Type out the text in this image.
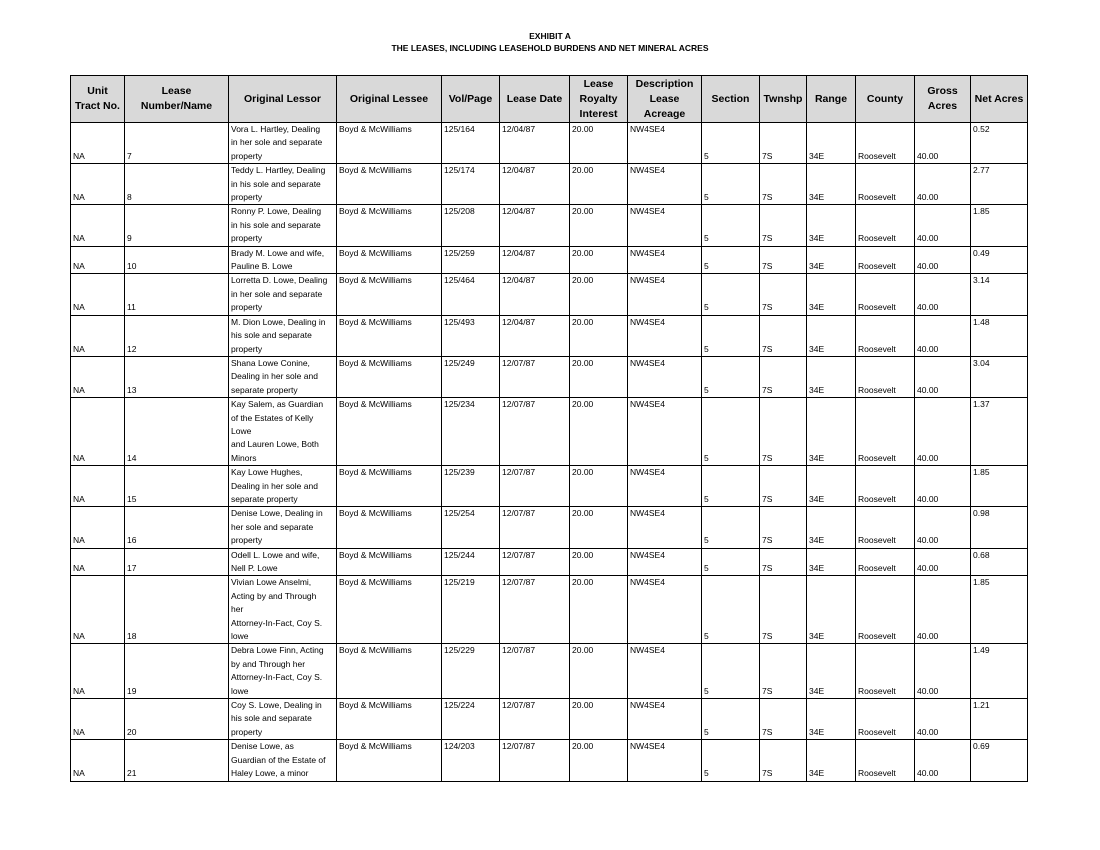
EXHIBIT A
THE LEASES, INCLUDING LEASEHOLD BURDENS AND NET MINERAL ACRES
Unit
Tract No.	Lease
Number/Name	Original Lessor	Original Lessee	Vol/Page	Lease Date	Lease
Royalty
Interest	Description
Lease Acreage	Section	Twnshp	Range	County	Gross
Acres	Net Acres

NA	7	Vora L. Hartley, Dealing
in her sole and separate
property	Boyd & McWilliams	125/164	12/04/87	20.00	NW4SE4	5	7S	34E	Roosevelt	40.00	0.52

NA	8	Teddy L. Hartley, Dealing
in his sole and separate
property	Boyd & McWilliams	125/174	12/04/87	20.00	NW4SE4	5	7S	34E	Roosevelt	40.00	2.77

NA	9	Ronny P. Lowe, Dealing
in his sole and separate
property	Boyd & McWilliams	125/208	12/04/87	20.00	NW4SE4	5	7S	34E	Roosevelt	40.00	1.85

NA	10	Brady M. Lowe and wife,
Pauline B. Lowe	Boyd & McWilliams	125/259	12/04/87	20.00	NW4SE4	5	7S	34E	Roosevelt	40.00	0.49

NA	11	Lorretta D. Lowe, Dealing
in her sole and separate
property	Boyd & McWilliams	125/464	12/04/87	20.00	NW4SE4	5	7S	34E	Roosevelt	40.00	3.14

NA	12	M. Dion Lowe, Dealing in
his sole and separate
property	Boyd & McWilliams	125/493	12/04/87	20.00	NW4SE4	5	7S	34E	Roosevelt	40.00	1.48

NA	13	Shana Lowe Conine,
Dealing in her sole and
separate property	Boyd & McWilliams	125/249	12/07/87	20.00	NW4SE4	5	7S	34E	Roosevelt	40.00	3.04

NA	14	Kay Salem, as Guardian
of the Estates of Kelly
Lowe
and Lauren Lowe, Both
Minors	Boyd & McWilliams	125/234	12/07/87	20.00	NW4SE4	5	7S	34E	Roosevelt	40.00	1.37

NA	15	Kay Lowe Hughes,
Dealing in her sole and
separate property	Boyd & McWilliams	125/239	12/07/87	20.00	NW4SE4	5	7S	34E	Roosevelt	40.00	1.85

NA	16	Denise Lowe, Dealing in
her sole and separate
property	Boyd & McWilliams	125/254	12/07/87	20.00	NW4SE4	5	7S	34E	Roosevelt	40.00	0.98

NA	17	Odell L. Lowe and wife,
Nell P. Lowe	Boyd & McWilliams	125/244	12/07/87	20.00	NW4SE4	5	7S	34E	Roosevelt	40.00	0.68

NA	18	Vivian Lowe Anselmi,
Acting by and Through
her
Attorney-In-Fact, Coy S.
lowe	Boyd & McWilliams	125/219	12/07/87	20.00	NW4SE4	5	7S	34E	Roosevelt	40.00	1.85

NA	19	Debra Lowe Finn, Acting
by and Through her
Attorney-In-Fact, Coy S.
lowe	Boyd & McWilliams	125/229	12/07/87	20.00	NW4SE4	5	7S	34E	Roosevelt	40.00	1.49

NA	20	Coy S. Lowe, Dealing in
his sole and separate
property	Boyd & McWilliams	125/224	12/07/87	20.00	NW4SE4	5	7S	34E	Roosevelt	40.00	1.21

NA	21	Denise Lowe, as
Guardian of the Estate of
Haley Lowe, a minor	Boyd & McWilliams	124/203	12/07/87	20.00	NW4SE4	5	7S	34E	Roosevelt	40.00	0.69
